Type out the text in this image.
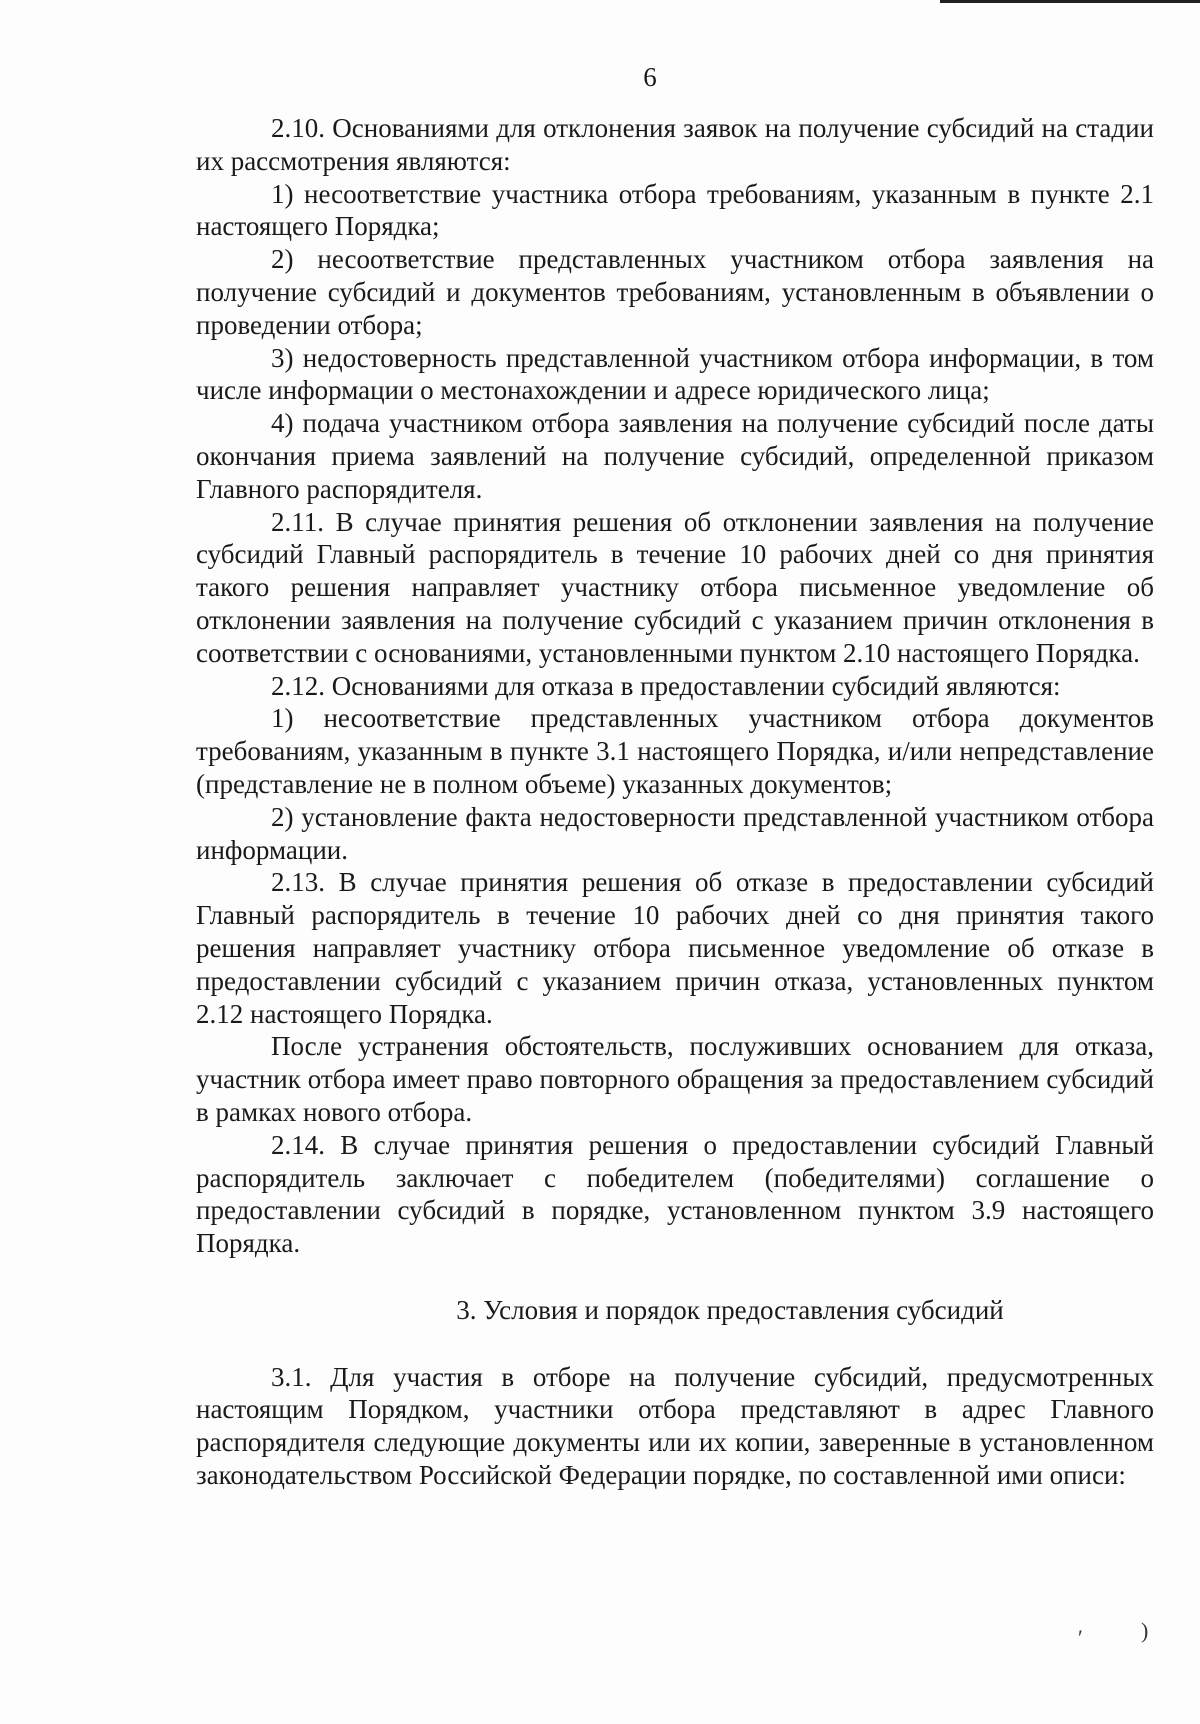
6

2.10. Основаниями для отклонения заявок на получение субсидий на стадии их рассмотрения являются:

1) несоответствие участника отбора требованиям, указанным в пункте 2.1 настоящего Порядка;

2) несоответствие представленных участником отбора заявления на получение субсидий и документов требованиям, установленным в объявлении о проведении отбора;

3) недостоверность представленной участником отбора информации, в том числе информации о местонахождении и адресе юридического лица;

4) подача участником отбора заявления на получение субсидий после даты окончания приема заявлений на получение субсидий, определенной приказом Главного распорядителя.

2.11. В случае принятия решения об отклонении заявления на получение субсидий Главный распорядитель в течение 10 рабочих дней со дня принятия такого решения направляет участнику отбора письменное уведомление об отклонении заявления на получение субсидий с указанием причин отклонения в соответствии с основаниями, установленными пунктом 2.10 настоящего Порядка.

2.12. Основаниями для отказа в предоставлении субсидий являются:

1) несоответствие представленных участником отбора документов требованиям, указанным в пункте 3.1 настоящего Порядка, и/или непредставление (представление не в полном объеме) указанных документов;

2) установление факта недостоверности представленной участником отбора информации.

2.13. В случае принятия решения об отказе в предоставлении субсидий Главный распорядитель в течение 10 рабочих дней со дня принятия такого решения направляет участнику отбора письменное уведомление об отказе в предоставлении субсидий с указанием причин отказа, установленных пунктом 2.12 настоящего Порядка.

После устранения обстоятельств, послуживших основанием для отказа, участник отбора имеет право повторного обращения за предоставлением субсидий в рамках нового отбора.

2.14. В случае принятия решения о предоставлении субсидий Главный распорядитель заключает с победителем (победителями) соглашение о предоставлении субсидий в порядке, установленном пунктом 3.9 настоящего Порядка.

3. Условия и порядок предоставления субсидий

3.1. Для участия в отборе на получение субсидий, предусмотренных настоящим Порядком, участники отбора представляют в адрес Главного распорядителя следующие документы или их копии, заверенные в установленном законодательством Российской Федерации порядке, по составленной ими описи:

′	)
